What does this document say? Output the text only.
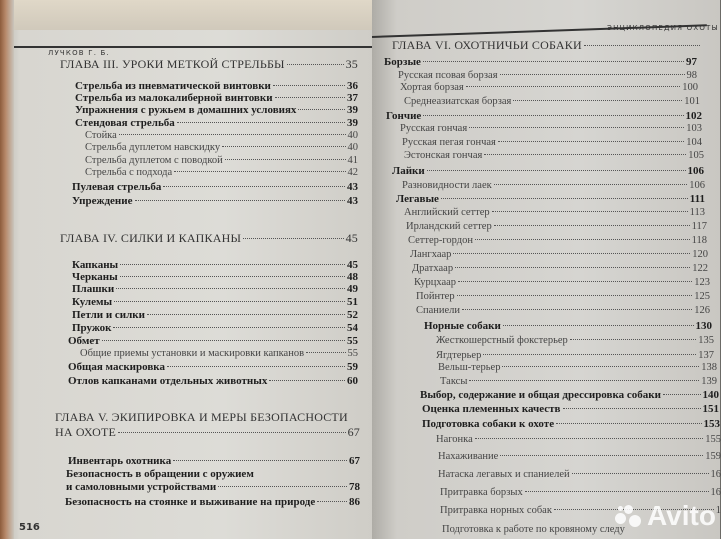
ЛУЧКОВ Г. Б.
ГЛАВА III. УРОКИ МЕТКОЙ СТРЕЛЬБЫ	35
Стрельба из пневматической винтовки	36
Стрельба из малокалиберной винтовки	37
Упражнения с ружьем в домашних условиях	39
Стендовая стрельба	39
Стойка	40
Стрельба дуплетом навскидку	40
Стрельба дуплетом с поводкой	41
Стрельба с подхода	42
Пулевая стрельба	43
Упреждение	43
ГЛАВА IV. СИЛКИ И КАПКАНЫ	45
Капканы	45
Черканы	48
Плашки	49
Кулемы	51
Петли и силки	52
Пружок	54
Обмет	55
Общие приемы установки и маскировки капканов	55
Общая маскировка	59
Отлов капканами отдельных животных	60
ГЛАВА V. ЭКИПИРОВКА И МЕРЫ БЕЗОПАСНОСТИ
НА ОХОТЕ	67
Инвентарь охотника	67
Безопасность в обращении с оружием
и самоловными устройствами	78
Безопасность на стоянке и выживание на природе	86
516
ЭНЦИКЛОПЕДИЯ ОХОТЫ
ГЛАВА VI. ОХОТНИЧЬИ СОБАКИ
Борзые	97
Русская псовая борзая	98
Хортая борзая	100
Среднеазиатская борзая	101
Гончие	102
Русская гончая	103
Русская пегая гончая	104
Эстонская гончая	105
Лайки	106
Разновидности лаек	106
Легавые	111
Английский сеттер	113
Ирландский сеттер	117
Сеттер-гордон	118
Лангхаар	120
Дратхаар	122
Курцхаар	123
Пойнтер	125
Спаниели	126
Норные собаки	130
Жесткошерстный фокстерьер	135
Ягдтерьер	137
Вельш-терьер	138
Таксы	139
Выбор, содержание и общая дрессировка собаки	140
Оценка племенных качеств	151
Подготовка собаки к охоте	153
Нагонка	155
Нахаживание	159
Натаска легавых и спаниелей	16
Притравка борзых	16
Притравка норных собак	1
Подготовка к работе по кровяному следу Avito
